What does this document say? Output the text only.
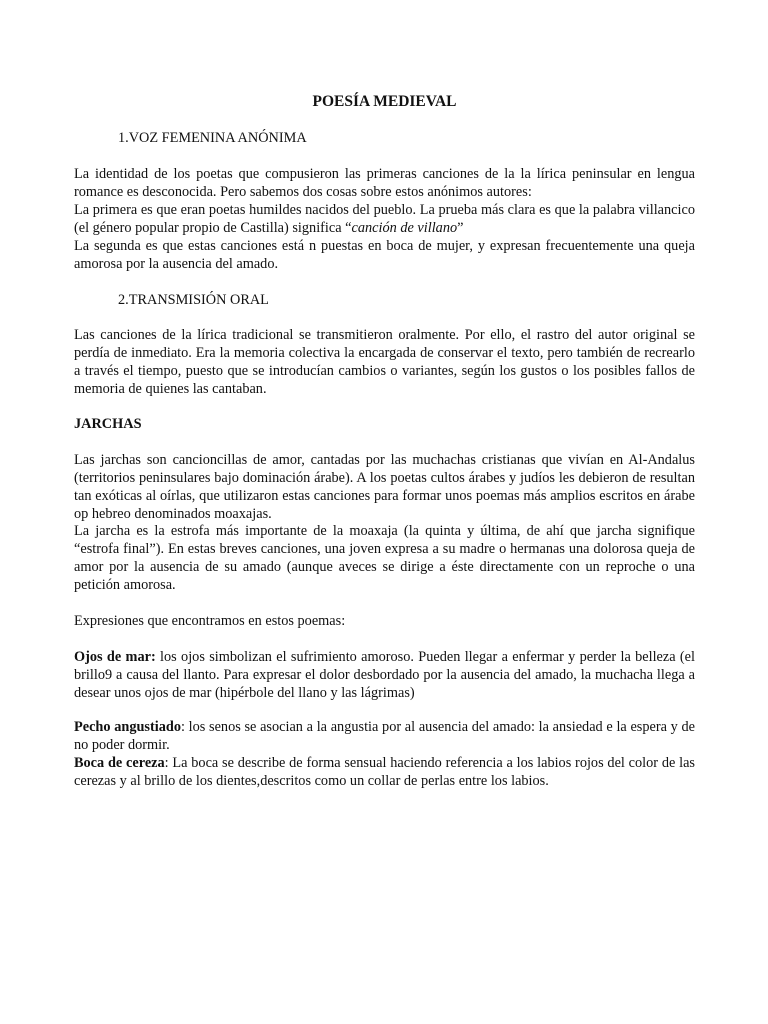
POESÍA MEDIEVAL

1.VOZ FEMENINA ANÓNIMA

La identidad de los poetas que compusieron las primeras canciones de la la lírica peninsular en lengua romance es desconocida. Pero sabemos dos cosas sobre estos anónimos autores:

La primera es que eran poetas humildes nacidos del pueblo. La prueba más clara es que la palabra villancico (el género popular propio de Castilla) significa “canción de villano”

La segunda es que estas canciones está n puestas en boca de mujer, y expresan frecuentemente una queja amorosa por la ausencia del amado.

2.TRANSMISIÓN ORAL

Las canciones de la lírica tradicional se transmitieron oralmente. Por ello, el rastro del autor original se perdía de inmediato. Era la memoria colectiva la encargada de conservar el texto, pero también de recrearlo a través el tiempo, puesto que se introducían cambios o variantes, según los gustos o los posibles fallos de memoria de quienes las cantaban.

JARCHAS

Las jarchas son cancioncillas de amor, cantadas por las muchachas cristianas que vivían en Al-Andalus (territorios peninsulares bajo dominación árabe). A los poetas cultos árabes y judíos les debieron de resultan tan exóticas al oírlas, que utilizaron estas canciones para formar unos poemas más amplios escritos en árabe op hebreo denominados moaxajas.

La jarcha es la estrofa más importante de la moaxaja (la quinta y última, de ahí que jarcha signifique “estrofa final”). En estas breves canciones, una joven expresa a su madre o hermanas una dolorosa queja de amor por la ausencia de su amado (aunque aveces se dirige a éste directamente con un reproche o una petición amorosa.

Expresiones que encontramos en estos poemas:

Ojos de mar: los ojos simbolizan el sufrimiento amoroso. Pueden llegar a enfermar y perder la belleza (el brillo9 a causa del llanto. Para expresar el dolor desbordado por la ausencia del amado, la muchacha llega a desear unos ojos de mar (hipérbole del llano y las lágrimas)

Pecho angustiado: los senos se asocian a la angustia por al ausencia del amado: la ansiedad e la espera y de no poder dormir.

Boca de cereza: La boca se describe de forma sensual haciendo referencia a los labios rojos del color de las cerezas y al brillo de los dientes,descritos como un collar de perlas entre los labios.
